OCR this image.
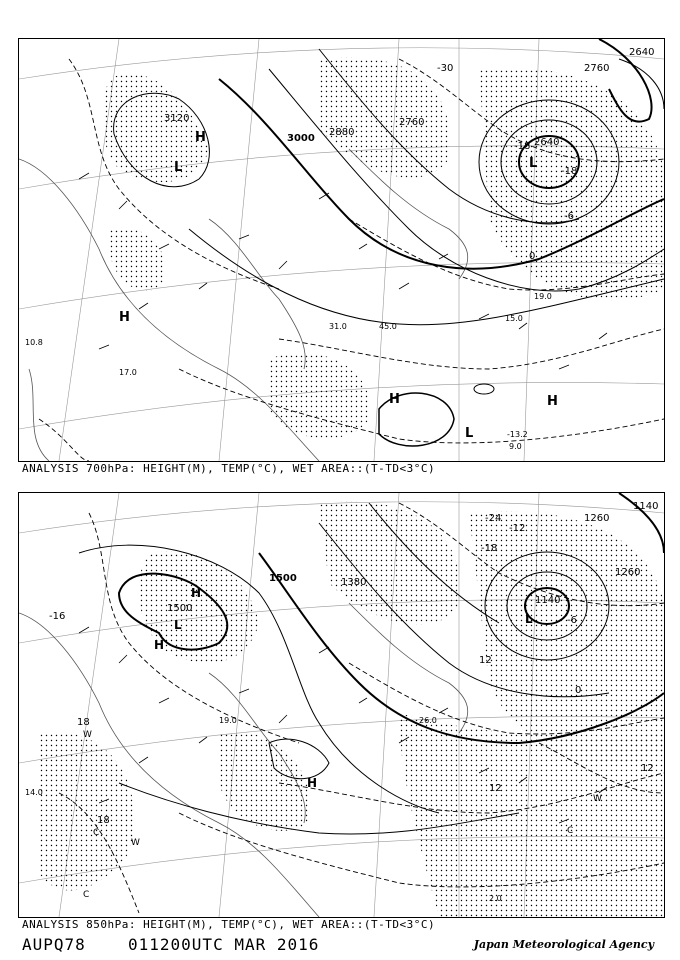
3120
3000
2880
2760
2640
2640
2760
-30
-18
-18
-6
0
10.8
17.0
15.0
31.0	45.0
19.0
9.0
-13.2
H
H
H	H
L	L
L
ANALYSIS 700hPa: HEIGHT(M), TEMP(°C), WET AREA::(T-TD<3°C)
1500
1500
1260
1260
1140
1140
1380
-24
-18
-12
12
12
12
18
18
-6
0
-16
14.0
19.0	26.0
2.0
H
H
H
L	L
W
W
W
C	C
C
ANALYSIS 850hPa: HEIGHT(M), TEMP(°C), WET AREA::(T-TD<3°C)
AUPQ78	011200UTC MAR 2016	Japan Meteorological Agency
